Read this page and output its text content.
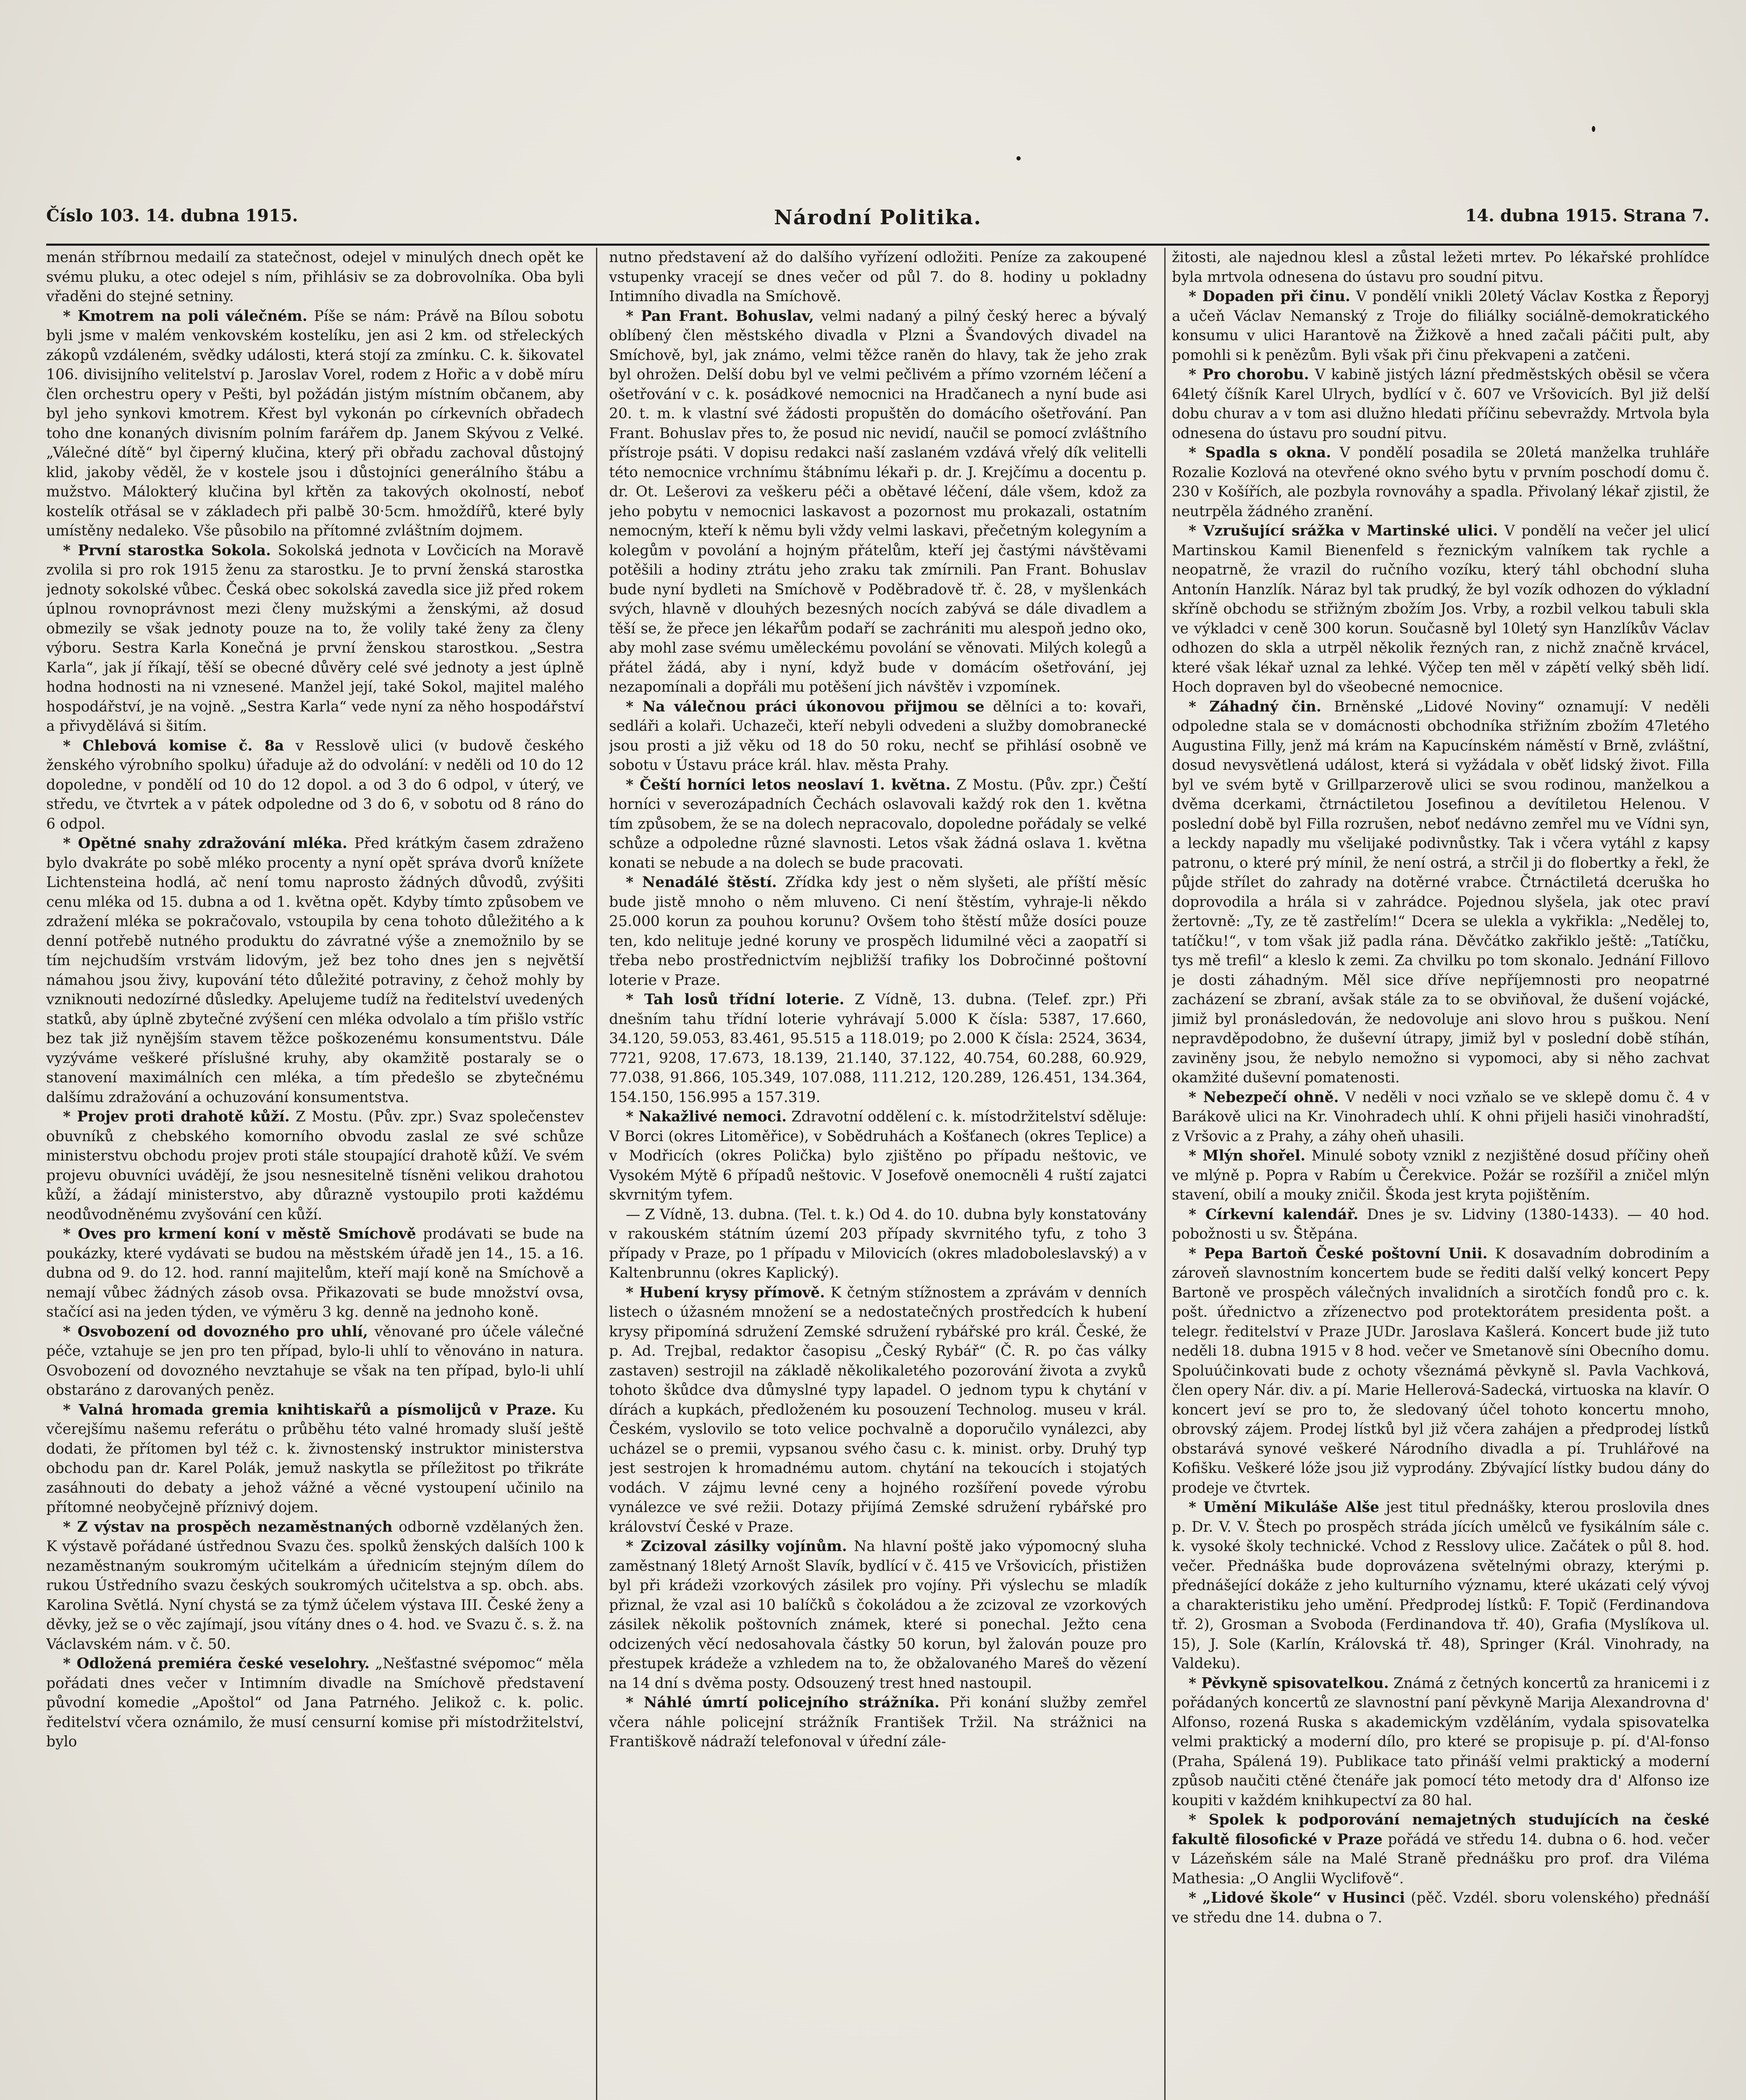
Číslo 103. 14. dubna 1915.	Národní Politika.	14. dubna 1915. Strana 7.

menán stříbrnou medailí za statečnost, odejel v minulých dnech opět ke svému pluku, a otec odejel s ním, přihlásiv se za dobrovolníka. Oba byli vřaděni do stejné setniny.

* Kmotrem na poli válečném. Píše se nám: Právě na Bílou sobotu byli jsme v malém venkovském kostelíku, jen asi 2 km. od střeleckých zákopů vzdáleném, svědky události, která stojí za zmínku. C. k. šikovatel 106. divisijního velitelství p. Jaroslav Vorel, rodem z Hořic a v době míru člen orchestru opery v Pešti, byl požádán jistým místním občanem, aby byl jeho synkovi kmotrem. Křest byl vykonán po církevních obřadech toho dne konaných divisním polním farářem dp. Janem Skývou z Velké. „Válečné dítě“ byl čiperný klučina, který při obřadu zachoval důstojný klid, jakoby věděl, že v kostele jsou i důstojníci generálního štábu a mužstvo. Málokterý klučina byl křtěn za takových okolností, neboť kostelík otřásal se v základech při palbě 30·5cm. hmoždířů, které byly umístěny nedaleko. Vše působilo na přítomné zvláštním dojmem.

* První starostka Sokola. Sokolská jednota v Lovčicích na Moravě zvolila si pro rok 1915 ženu za starostku. Je to první ženská starostka jednoty sokolské vůbec. Česká obec sokolská zavedla sice již před rokem úplnou rovnoprávnost mezi členy mužskými a ženskými, až dosud obmezily se však jednoty pouze na to, že volily také ženy za členy výboru. Sestra Karla Konečná je první ženskou starostkou. „Sestra Karla“, jak jí říkají, těší se obecné důvěry celé své jednoty a jest úplně hodna hodnosti na ni vznesené. Manžel její, také Sokol, majitel malého hospodářství, je na vojně. „Sestra Karla“ vede nyní za něho hospodářství a přivydělává si šitím.

* Chlebová komise č. 8a v Resslově ulici (v budově českého ženského výrobního spolku) úřaduje až do odvolání: v neděli od 10 do 12 dopoledne, v pondělí od 10 do 12 dopol. a od 3 do 6 odpol, v úterý, ve středu, ve čtvrtek a v pátek odpoledne od 3 do 6, v sobotu od 8 ráno do 6 odpol.

* Opětné snahy zdražování mléka. Před krátkým časem zdraženo bylo dvakráte po sobě mléko procenty a nyní opět správa dvorů knížete Lichtensteina hodlá, ač není tomu naprosto žádných důvodů, zvýšiti cenu mléka od 15. dubna a od 1. května opět. Kdyby tímto způsobem ve zdražení mléka se pokračovalo, vstoupila by cena tohoto důležitého a k denní potřebě nutného produktu do závratné výše a znemožnilo by se tím nejchudším vrstvám lidovým, jež bez toho dnes jen s největší námahou jsou živy, kupování této důležité potraviny, z čehož mohly by vzniknouti nedozírné důsledky. Apelujeme tudíž na ředitelství uvedených statků, aby úplně zbytečné zvýšení cen mléka odvolalo a tím přišlo vstříc bez tak již nynějším stavem těžce poškozenému konsumentstvu. Dále vyzýváme veškeré příslušné kruhy, aby okamžitě postaraly se o stanovení maximálních cen mléka, a tím předešlo se zbytečnému dalšímu zdražování a ochuzování konsumentstva.

* Projev proti drahotě kůží. Z Mostu. (Pův. zpr.) Svaz společenstev obuvníků z chebského komorního obvodu zaslal ze své schůze ministerstvu obchodu projev proti stále stoupající drahotě kůží. Ve svém projevu obuvníci uvádějí, že jsou nesnesitelně tísněni velikou drahotou kůží, a žádají ministerstvo, aby důrazně vystoupilo proti každému neodůvodněnému zvyšování cen kůží.

* Oves pro krmení koní v městě Smíchově prodávati se bude na poukázky, které vydávati se budou na městském úřadě jen 14., 15. a 16. dubna od 9. do 12. hod. ranní majitelům, kteří mají koně na Smíchově a nemají vůbec žádných zásob ovsa. Přikazovati se bude množství ovsa, stačící asi na jeden týden, ve výměru 3 kg. denně na jednoho koně.

* Osvobození od dovozného pro uhlí, věnované pro účele válečné péče, vztahuje se jen pro ten případ, bylo-li uhlí to věnováno in natura. Osvobození od dovozného nevztahuje se však na ten případ, bylo-li uhlí obstaráno z darovaných peněz.

* Valná hromada gremia knihtiskařů a písmolijců v Praze. Ku včerejšímu našemu referátu o průběhu této valné hromady sluší ještě dodati, že přítomen byl též c. k. živnostenský instruktor ministerstva obchodu pan dr. Karel Polák, jemuž naskytla se příležitost po třikráte zasáhnouti do debaty a jehož vážné a věcné vystoupení učinilo na přítomné neobyčejně příznivý dojem.

* Z výstav na prospěch nezaměstnaných odborně vzdělaných žen. K výstavě pořádané ústřednou Svazu čes. spolků ženských dalších 100 k nezaměstnaným soukromým učitelkám a úřednicím stejným dílem do rukou Ústředního svazu českých soukromých učitelstva a sp. obch. abs. Karolina Světlá. Nyní chystá se za týmž účelem výstava III. České ženy a děvky, jež se o věc zajímají, jsou vítány dnes o 4. hod. ve Svazu č. s. ž. na Václavském nám. v č. 50.

* Odložená premiéra české veselohry. „Nešťastné svépomoc“ měla pořádati dnes večer v Intimním divadle na Smíchově představení původní komedie „Apoštol“ od Jana Patrného. Jelikož c. k. polic. ředitelství včera oznámilo, že musí censurní komise při místodržitelství, bylo

nutno představení až do dalšího vyřízení odložiti. Peníze za zakoupené vstupenky vracejí se dnes večer od půl 7. do 8. hodiny u pokladny Intimního divadla na Smíchově.

* Pan Frant. Bohuslav, velmi nadaný a pilný český herec a bývalý oblíbený člen městského divadla v Plzni a Švandových divadel na Smíchově, byl, jak známo, velmi těžce raněn do hlavy, tak že jeho zrak byl ohrožen. Delší dobu byl ve velmi pečlivém a přímo vzorném léčení a ošetřování v c. k. posádkové nemocnici na Hradčanech a nyní bude asi 20. t. m. k vlastní své žádosti propuštěn do domácího ošetřování. Pan Frant. Bohuslav přes to, že posud nic nevidí, naučil se pomocí zvláštního přístroje psáti. V dopisu redakci naší zaslaném vzdává vřelý dík velitelli této nemocnice vrchnímu štábnímu lékaři p. dr. J. Krejčímu a docentu p. dr. Ot. Lešerovi za veškeru péči a obětavé léčení, dále všem, kdož za jeho pobytu v nemocnici laskavost a pozornost mu prokazali, ostatním nemocným, kteří k němu byli vždy velmi laskavi, přečetným kolegyním a kolegům v povolání a hojným přátelům, kteří jej častými návštěvami potěšili a hodiny ztrátu jeho zraku tak zmírnili. Pan Frant. Bohuslav bude nyní bydleti na Smíchově v Poděbradově tř. č. 28, v myšlenkách svých, hlavně v dlouhých bezesných nocích zabývá se dále divadlem a těší se, že přece jen lékařům podaří se zachrániti mu alespoň jedno oko, aby mohl zase svému uměleckému povolání se věnovati. Milých kolegů a přátel žádá, aby i nyní, když bude v domácím ošetřování, jej nezapomínali a dopřáli mu potěšení jich návštěv i vzpomínek.

* Na válečnou práci úkonovou přijmou se dělníci a to: kovaři, sedláři a kolaři. Uchazeči, kteří nebyli odvedeni a služby domobranecké jsou prosti a již věku od 18 do 50 roku, nechť se přihlásí osobně ve sobotu v Ústavu práce král. hlav. města Prahy.

* Čeští horníci letos neoslaví 1. května. Z Mostu. (Pův. zpr.) Čeští horníci v severozápadních Čechách oslavovali každý rok den 1. května tím způsobem, že se na dolech nepracovalo, dopoledne pořádaly se velké schůze a odpoledne různé slavnosti. Letos však žádná oslava 1. května konati se nebude a na dolech se bude pracovati.

* Nenadálé štěstí. Zřídka kdy jest o něm slyšeti, ale příští měsíc bude jistě mnoho o něm mluveno. Ci není štěstím, vyhraje-li někdo 25.000 korun za pouhou korunu? Ovšem toho štěstí může dosíci pouze ten, kdo nelituje jedné koruny ve prospěch lidumilné věci a zaopatří si třeba nebo prostřednictvím nejbližší trafiky los Dobročinné poštovní loterie v Praze.

* Tah losů třídní loterie. Z Vídně, 13. dubna. (Telef. zpr.) Při dnešním tahu třídní loterie vyhrávají 5.000 K čísla: 5387, 17.660, 34.120, 59.053, 83.461, 95.515 a 118.019; po 2.000 K čísla: 2524, 3634, 7721, 9208, 17.673, 18.139, 21.140, 37.122, 40.754, 60.288, 60.929, 77.038, 91.866, 105.349, 107.088, 111.212, 120.289, 126.451, 134.364, 154.150, 156.995 a 157.319.

* Nakažlivé nemoci. Zdravotní oddělení c. k. místodržitelství sděluje: V Borci (okres Litoměřice), v Sobědruhách a Košťanech (okres Teplice) a v Modřicích (okres Polička) bylo zjištěno po případu neštovic, ve Vysokém Mýtě 6 případů neštovic. V Josefově onemocněli 4 ruští zajatci skvrnitým tyfem.

— Z Vídně, 13. dubna. (Tel. t. k.) Od 4. do 10. dubna byly konstatovány v rakouském státním území 203 případy skvrnitého tyfu, z toho 3 případy v Praze, po 1 případu v Milovicích (okres mladoboleslavský) a v Kaltenbrunnu (okres Kaplický).

* Hubení krysy přímově. K četným stížnostem a zprávám v denních listech o úžasném množení se a nedostatečných prostředcích k hubení krysy připomíná sdružení Zemské sdružení rybářské pro král. České, že p. Ad. Trejbal, redaktor časopisu „Český Rybář“ (Č. R. po čas války zastaven) sestrojil na základě několikaletého pozorování života a zvyků tohoto škůdce dva důmyslné typy lapadel. O jednom typu k chytání v dírách a kupkách, předloženém ku posouzení Technolog. museu v král. Českém, vyslovilo se toto velice pochvalně a doporučilo vynálezci, aby ucházel se o premii, vypsanou svého času c. k. minist. orby. Druhý typ jest sestrojen k hromadnému autom. chytání na tekoucích i stojatých vodách. V zájmu levné ceny a hojného rozšíření povede výrobu vynálezce ve své režii. Dotazy přijímá Zemské sdružení rybářské pro království České v Praze.

* Zcizoval zásilky vojínům. Na hlavní poště jako výpomocný sluha zaměstnaný 18letý Arnošt Slavík, bydlící v č. 415 ve Vršovicích, přistižen byl při krádeži vzorkových zásilek pro vojíny. Při výslechu se mladík přiznal, že vzal asi 10 balíčků s čokoládou a že zcizoval ze vzorkových zásilek několik poštovních známek, které si ponechal. Ježto cena odcizených věcí nedosahovala částky 50 korun, byl žalován pouze pro přestupek krádeže a vzhledem na to, že obžalovaného Mareš do vězení na 14 dní s dvěma posty. Odsouzený trest hned nastoupil.

* Náhlé úmrtí policejního strážníka. Při konání služby zemřel včera náhle policejní strážník František Tržil. Na strážnici na Františkově nádraží telefonoval v úřední zále-

žitosti, ale najednou klesl a zůstal ležeti mrtev. Po lékařské prohlídce byla mrtvola odnesena do ústavu pro soudní pitvu.

* Dopaden při činu. V pondělí vnikli 20letý Václav Kostka z Řeporyj a učeň Václav Nemanský z Troje do filiálky sociálně-demokratického konsumu v ulici Harantově na Žižkově a hned začali páčiti pult, aby pomohli si k penězům. Byli však při činu překvapeni a zatčeni.

* Pro chorobu. V kabině jistých lázní předměstských oběsil se včera 64letý číšník Karel Ulrych, bydlící v č. 607 ve Vršovicích. Byl již delší dobu churav a v tom asi dlužno hledati příčinu sebevraždy. Mrtvola byla odnesena do ústavu pro soudní pitvu.

* Spadla s okna. V pondělí posadila se 20letá manželka truhláře Rozalie Kozlová na otevřené okno svého bytu v prvním poschodí domu č. 230 v Košířích, ale pozbyla rovnováhy a spadla. Přivolaný lékař zjistil, že neutrpěla žádného zranění.

* Vzrušující srážka v Martinské ulici. V pondělí na večer jel ulicí Martinskou Kamil Bienenfeld s řeznickým valníkem tak rychle a neopatrně, že vrazil do ručního vozíku, který táhl obchodní sluha Antonín Hanzlík. Náraz byl tak prudký, že byl vozík odhozen do výkladní skříně obchodu se střižným zbožím Jos. Vrby, a rozbil velkou tabuli skla ve výkladci v ceně 300 korun. Současně byl 10letý syn Hanzlíkův Václav odhozen do skla a utrpěl několik řezných ran, z nichž značně krvácel, které však lékař uznal za lehké. Výčep ten měl v zápětí velký sběh lidí. Hoch dopraven byl do všeobecné nemocnice.

* Záhadný čin. Brněnské „Lidové Noviny“ oznamují: V neděli odpoledne stala se v domácnosti obchodníka střižním zbožím 47letého Augustina Filly, jenž má krám na Kapucínském náměstí v Brně, zvláštní, dosud nevysvětlená událost, která si vyžádala v oběť lidský život. Filla byl ve svém bytě v Grillparzerově ulici se svou rodinou, manželkou a dvěma dcerkami, čtrnáctiletou Josefinou a devítiletou Helenou. V poslední době byl Filla rozrušen, neboť nedávno zemřel mu ve Vídni syn, a leckdy napadly mu všelijaké podivnůstky. Tak i včera vytáhl z kapsy patronu, o které prý mínil, že není ostrá, a strčil ji do flobertky a řekl, že půjde střílet do zahrady na dotěrné vrabce. Čtrnáctiletá dceruška ho doprovodila a hrála si v zahrádce. Pojednou slyšela, jak otec praví žertovně: „Ty, ze tě zastřelím!“ Dcera se ulekla a vykřikla: „Nedělej to, tatíčku!“, v tom však již padla rána. Děvčátko zakřiklo ještě: „Tatíčku, tys mě trefil“ a kleslo k zemi. Za chvilku po tom skonalo. Jednání Fillovo je dosti záhadným. Měl sice dříve nepříjemnosti pro neopatrné zacházení se zbraní, avšak stále za to se obviňoval, že dušení vojácké, jimiž byl pronásledován, že nedovoluje ani slovo hrou s puškou. Není nepravděpodobno, že duševní útrapy, jimiž byl v poslední době stíhán, zaviněny jsou, že nebylo nemožno si vypomoci, aby si něho zachvat okamžité duševní pomatenosti.

* Nebezpečí ohně. V neděli v noci vzňalo se ve sklepě domu č. 4 v Barákově ulici na Kr. Vinohradech uhlí. K ohni přijeli hasiči vinohradští, z Vršovic a z Prahy, a záhy oheň uhasili.

* Mlýn shořel. Minulé soboty vznikl z nezjištěné dosud příčiny oheň ve mlýně p. Popra v Rabím u Čerekvice. Požár se rozšířil a zničel mlýn stavení, obilí a mouky zničil. Škoda jest kryta pojištěním.

* Církevní kalendář. Dnes je sv. Lidviny (1380-1433). — 40 hod. pobožnosti u sv. Štěpána.

* Pepa Bartoň České poštovní Unii. K dosavadním dobrodiním a zároveň slavnostním koncertem bude se řediti další velký koncert Pepy Bartoně ve prospěch válečných invalidních a sirotčích fondů pro c. k. pošt. úřednictvo a zřízenectvo pod protektorátem presidenta pošt. a telegr. ředitelství v Praze JUDr. Jaroslava Kašlerá. Koncert bude již tuto neděli 18. dubna 1915 v 8 hod. večer ve Smetanově síni Obecního domu. Spoluúčinkovati bude z ochoty všeznámá pěvkyně sl. Pavla Vachková, člen opery Nár. div. a pí. Marie Hellerová-Sadecká, virtuoska na klavír. O koncert jeví se pro to, že sledovaný účel tohoto koncertu mnoho, obrovský zájem. Prodej lístků byl již včera zahájen a předprodej lístků obstarává synové veškeré Národního divadla a pí. Truhlářové na Kofišku. Veškeré lóže jsou již vyprodány. Zbývající lístky budou dány do prodeje ve čtvrtek.

* Umění Mikuláše Alše jest titul přednášky, kterou proslovila dnes p. Dr. V. V. Štech po prospěch stráda jících umělců ve fysikálním sále c. k. vysoké školy technické. Vchod z Resslovy ulice. Začátek o půl 8. hod. večer. Přednáška bude doprovázena světelnými obrazy, kterými p. přednášející dokáže z jeho kulturního významu, které ukázati celý vývoj a charakteristiku jeho umění. Předprodej lístků: F. Topič (Ferdinandova tř. 2), Grosman a Svoboda (Ferdinandova tř. 40), Grafia (Myslíkova ul. 15), J. Sole (Karlín, Královská tř. 48), Springer (Král. Vinohrady, na Valdeku).

* Pěvkyně spisovatelkou. Známá z četných koncertů za hranicemi i z pořádaných koncertů ze slavnostní paní pěvkyně Marija Alexandrovna d' Alfonso, rozená Ruska s akademickým vzděláním, vydala spisovatelka velmi praktický a moderní dílo, pro které se propisuje p. pí. d'Al-fonso (Praha, Spálená 19). Publikace tato přináší velmi praktický a moderní způsob naučiti ctěné čtenáře jak pomocí této metody dra d' Alfonso ize koupiti v každém knihkupectví za 80 hal.

* Spolek k podporování nemajetných studujících na české fakultě filosofické v Praze pořádá ve středu 14. dubna o 6. hod. večer v Lázeňském sále na Malé Straně přednášku pro prof. dra Viléma Mathesia: „O Anglii Wyclifově“.

* „Lidové škole“ v Husinci (pěč. Vzdél. sboru volenského) přednáší ve středu dne 14. dubna o 7.
